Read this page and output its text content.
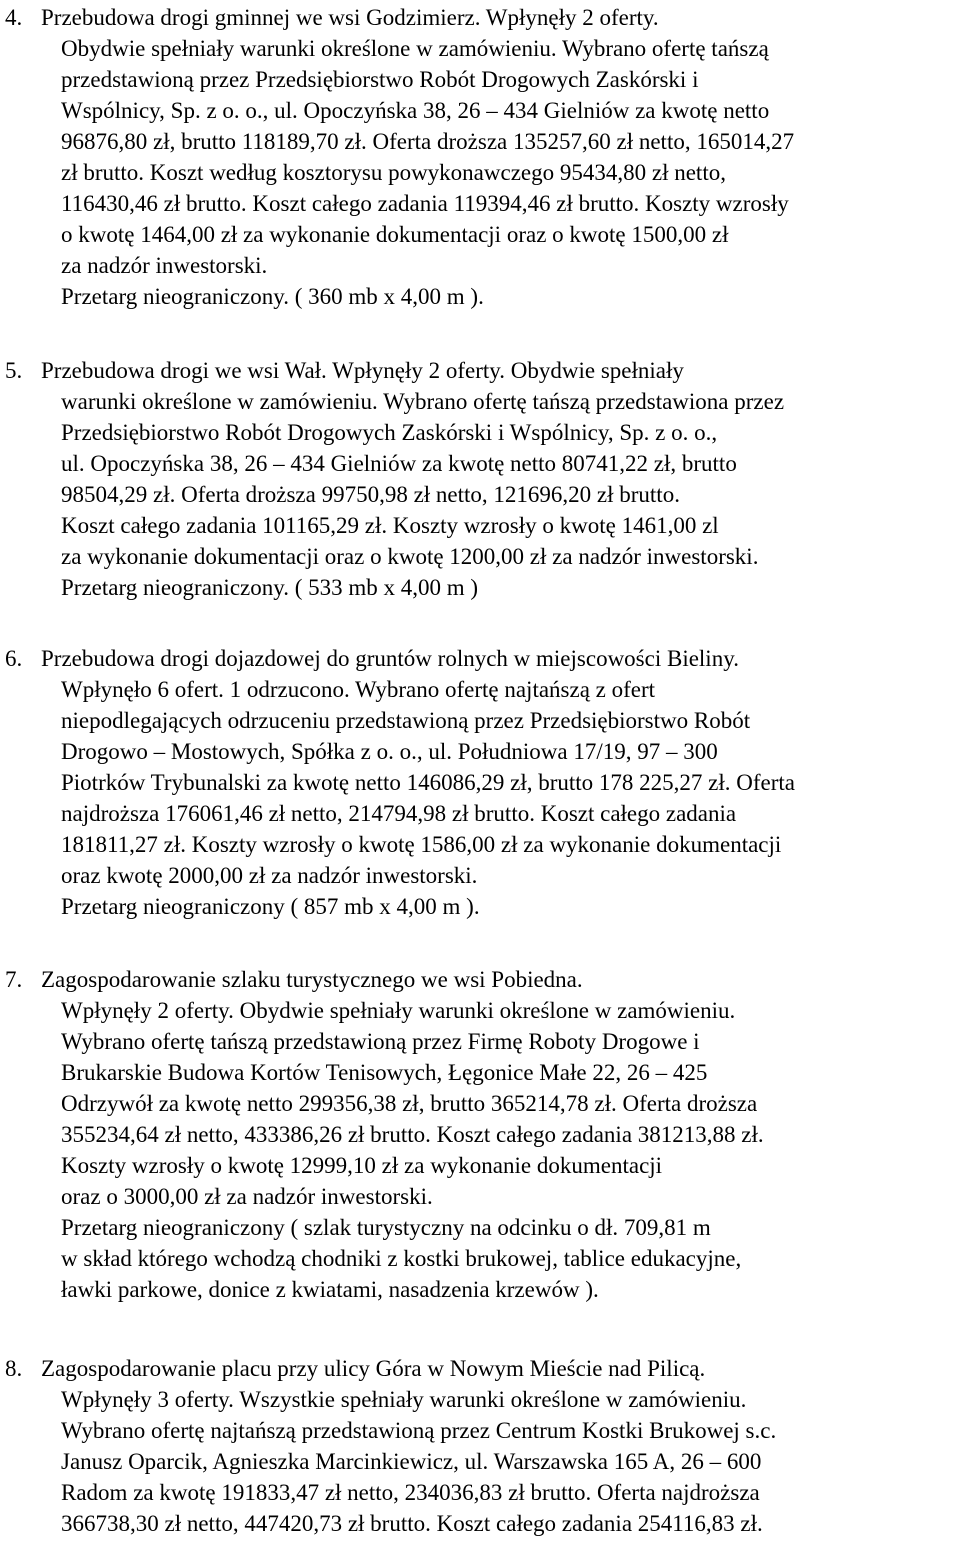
4. Przebudowa drogi gminnej we wsi Godzimierz. Wpłynęły 2 oferty.
Obydwie spełniały warunki określone w zamówieniu. Wybrano ofertę tańszą
przedstawioną przez Przedsiębiorstwo Robót Drogowych Zaskórski i
Wspólnicy, Sp. z o. o., ul. Opoczyńska 38, 26 – 434 Gielniów za kwotę netto
96876,80 zł, brutto 118189,70 zł. Oferta droższa 135257,60 zł netto, 165014,27
zł brutto. Koszt według kosztorysu powykonawczego 95434,80 zł netto,
116430,46 zł brutto. Koszt całego zadania 119394,46 zł brutto. Koszty wzrosły
o kwotę 1464,00 zł za wykonanie dokumentacji oraz o kwotę 1500,00 zł
za nadzór inwestorski.
Przetarg nieograniczony. ( 360 mb x 4,00 m ).
5. Przebudowa drogi we wsi Wał. Wpłynęły 2 oferty. Obydwie spełniały
warunki określone w zamówieniu. Wybrano ofertę tańszą przedstawiona przez
Przedsiębiorstwo Robót Drogowych Zaskórski i Wspólnicy, Sp. z o. o.,
ul. Opoczyńska 38, 26 – 434 Gielniów za kwotę netto 80741,22 zł, brutto
98504,29 zł. Oferta droższa 99750,98 zł netto, 121696,20 zł brutto.
Koszt całego zadania 101165,29 zł. Koszty wzrosły o kwotę 1461,00 zl
za wykonanie dokumentacji oraz o kwotę 1200,00 zł za nadzór inwestorski.
Przetarg nieograniczony. ( 533 mb x 4,00 m )
6. Przebudowa drogi dojazdowej do gruntów rolnych w miejscowości Bieliny.
Wpłynęło 6 ofert. 1 odrzucono. Wybrano ofertę najtańszą z ofert
niepodlegających odrzuceniu przedstawioną przez Przedsiębiorstwo Robót
Drogowo – Mostowych, Spółka z o. o., ul. Południowa 17/19, 97 – 300
Piotrków Trybunalski za kwotę netto 146086,29 zł, brutto 178 225,27 zł. Oferta
najdroższa 176061,46 zł netto, 214794,98 zł brutto. Koszt całego zadania
181811,27 zł. Koszty wzrosły o kwotę 1586,00 zł za wykonanie dokumentacji
oraz kwotę 2000,00 zł za nadzór inwestorski.
Przetarg nieograniczony ( 857 mb x 4,00 m ).
7. Zagospodarowanie szlaku turystycznego we wsi Pobiedna.
Wpłynęły 2 oferty. Obydwie spełniały warunki określone w zamówieniu.
Wybrano ofertę tańszą przedstawioną przez Firmę Roboty Drogowe i
Brukarskie Budowa Kortów Tenisowych, Łęgonice Małe 22, 26 – 425
Odrzywół za kwotę netto 299356,38 zł, brutto 365214,78 zł. Oferta droższa
355234,64 zł netto, 433386,26 zł brutto. Koszt całego zadania 381213,88 zł.
Koszty wzrosły o kwotę 12999,10 zł za wykonanie dokumentacji
oraz o 3000,00 zł za nadzór inwestorski.
Przetarg nieograniczony ( szlak turystyczny na odcinku o dł. 709,81 m
w skład którego wchodzą chodniki z kostki brukowej, tablice edukacyjne,
ławki parkowe, donice z kwiatami, nasadzenia krzewów ).
8. Zagospodarowanie placu przy ulicy Góra w Nowym Mieście nad Pilicą.
Wpłynęły 3 oferty. Wszystkie spełniały warunki określone w zamówieniu.
Wybrano ofertę najtańszą przedstawioną przez Centrum Kostki Brukowej s.c.
Janusz Oparcik, Agnieszka Marcinkiewicz, ul. Warszawska 165 A, 26 – 600
Radom za kwotę 191833,47 zł netto, 234036,83 zł brutto. Oferta najdroższa
366738,30 zł netto, 447420,73 zł brutto. Koszt całego zadania 254116,83 zł.
